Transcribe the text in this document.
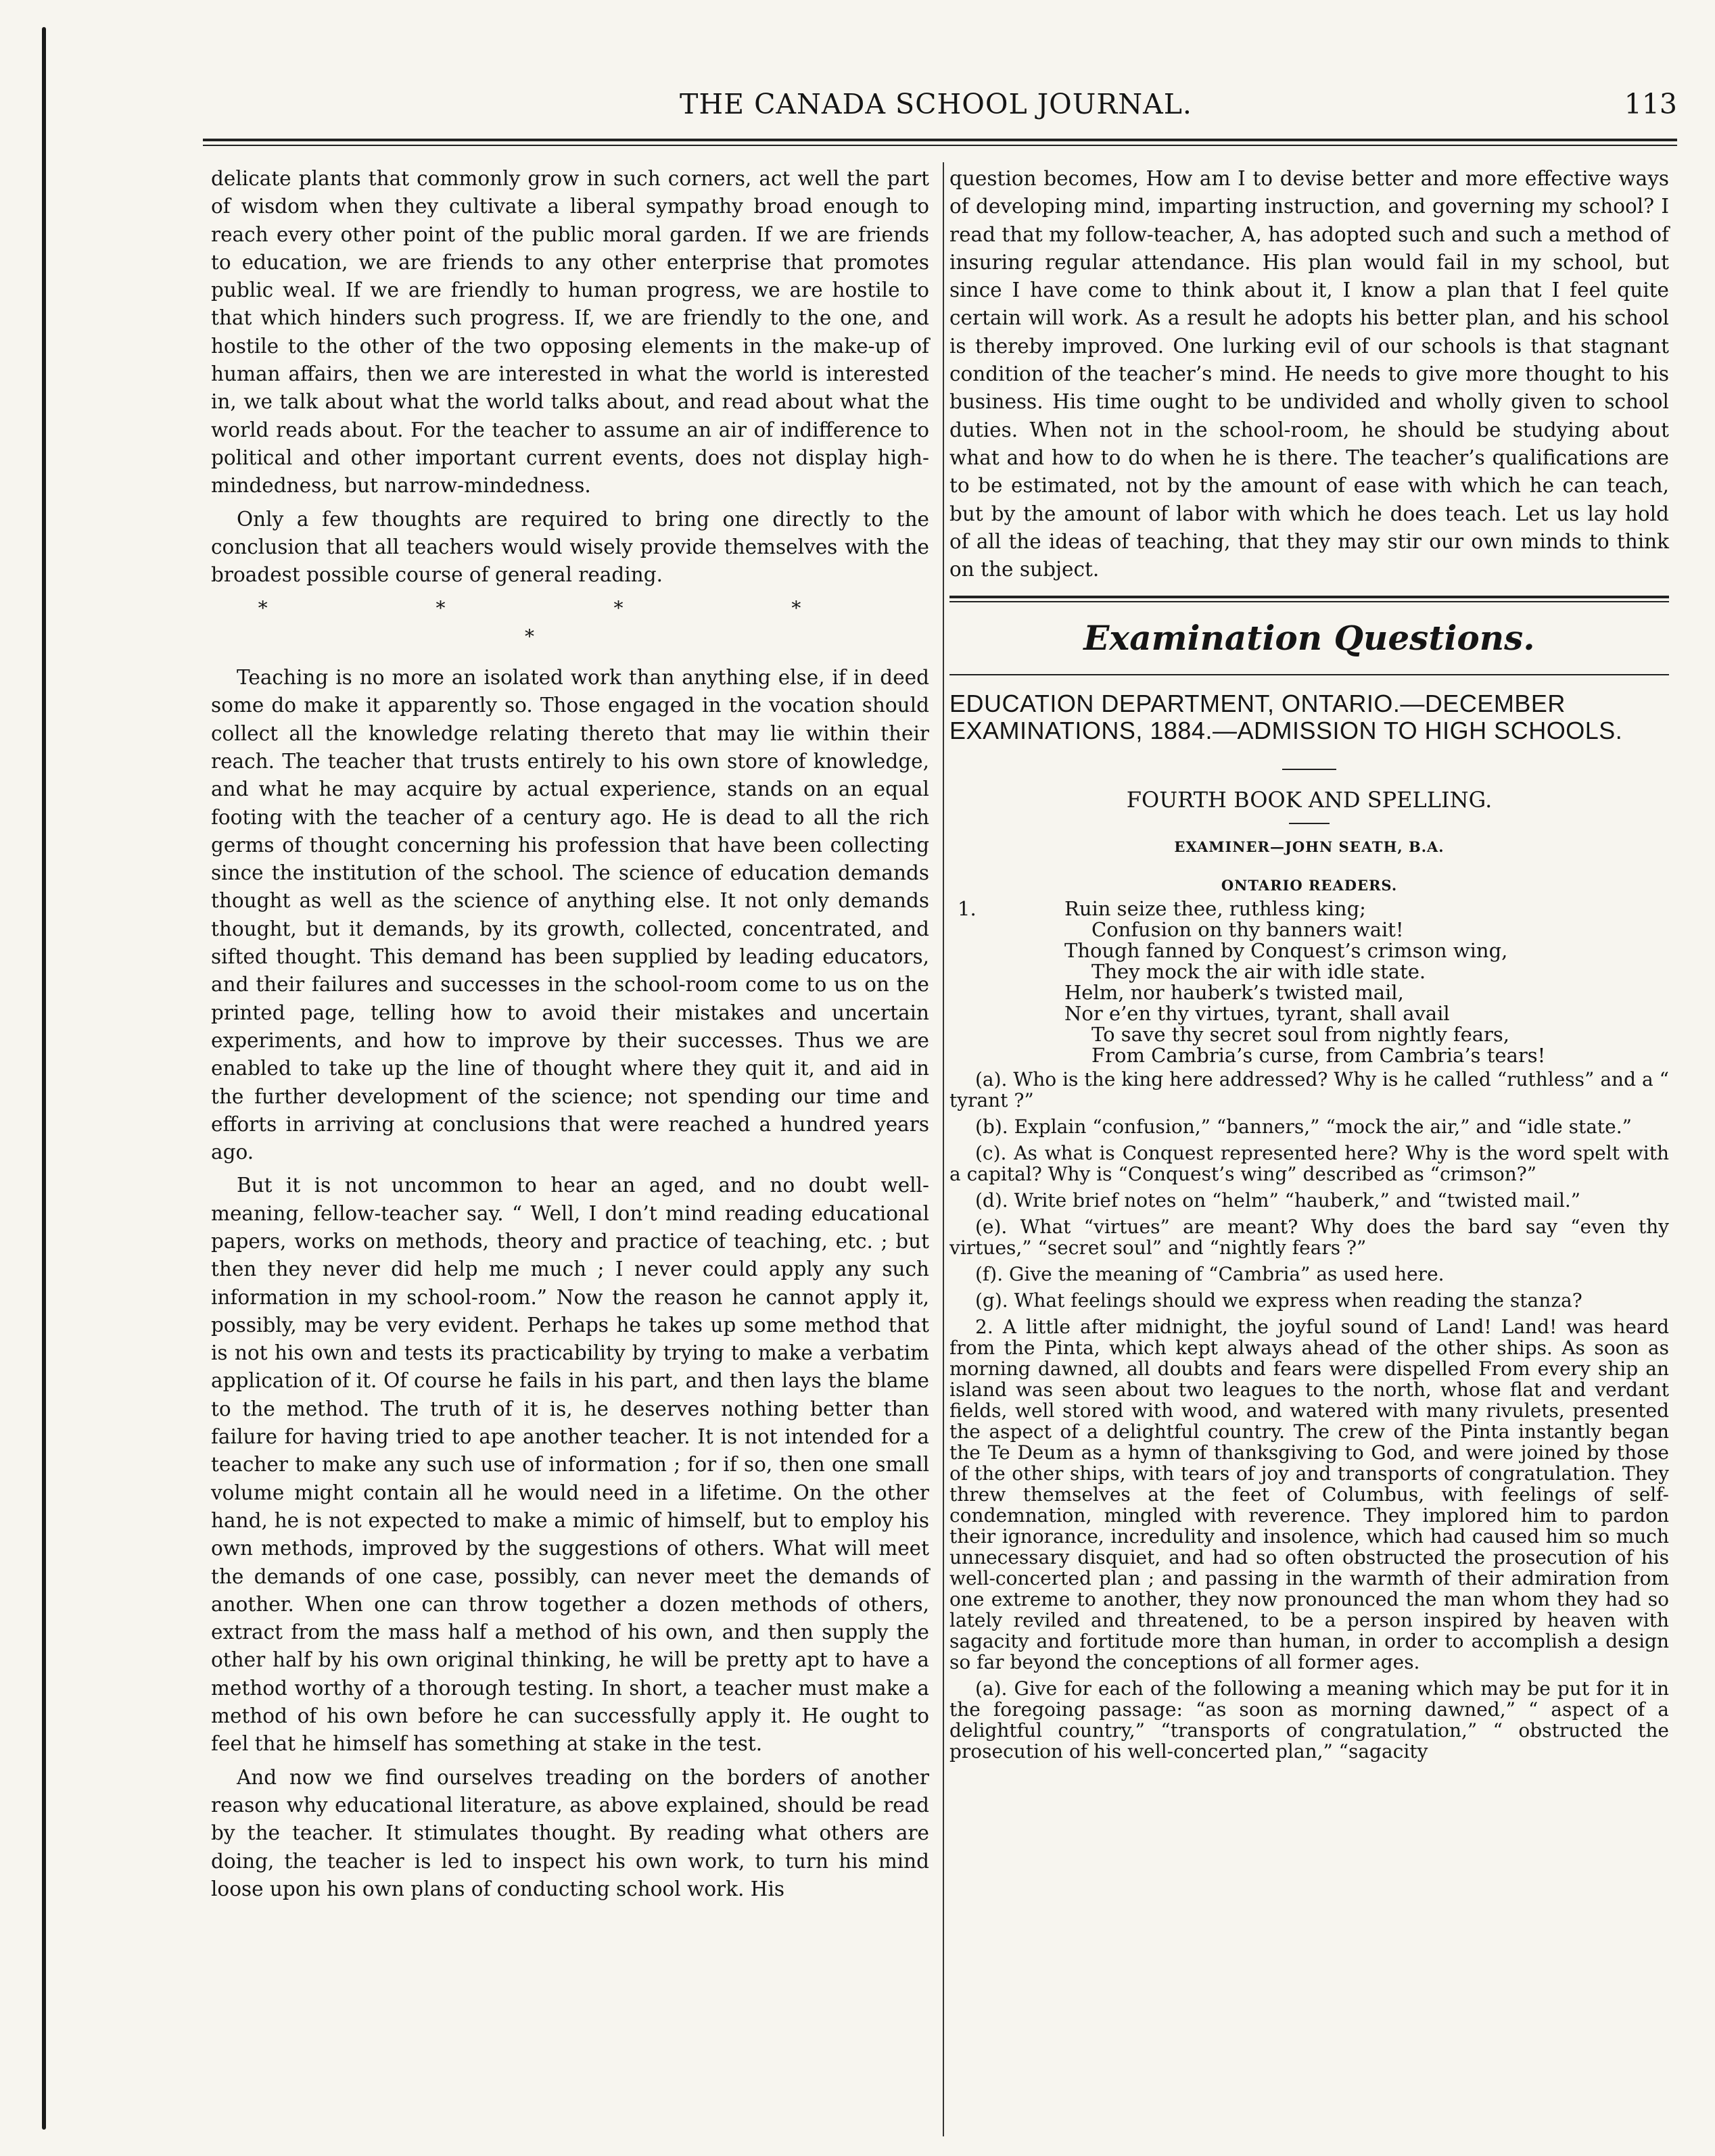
THE CANADA SCHOOL JOURNAL.	113

delicate plants that commonly grow in such corners, act well the part of wisdom when they cultivate a liberal sympathy broad enough to reach every other point of the public moral garden. If we are friends to education, we are friends to any other enterprise that promotes public weal. If we are friendly to human progress, we are hostile to that which hinders such progress. If, we are friendly to the one, and hostile to the other of the two opposing elements in the make-up of human affairs, then we are interested in what the world is interested in, we talk about what the world talks about, and read about what the world reads about. For the teacher to assume an air of indifference to political and other important current events, does not display high-mindedness, but narrow-mindedness.

Only a few thoughts are required to bring one directly to the conclusion that all teachers would wisely provide themselves with the broadest possible course of general reading.

* * * * *

Teaching is no more an isolated work than anything else, if in deed some do make it apparently so. Those engaged in the vocation should collect all the knowledge relating thereto that may lie within their reach. The teacher that trusts entirely to his own store of knowledge, and what he may acquire by actual experience, stands on an equal footing with the teacher of a century ago. He is dead to all the rich germs of thought concerning his profession that have been collecting since the institution of the school. The science of education demands thought as well as the science of anything else. It not only demands thought, but it demands, by its growth, collected, concentrated, and sifted thought. This demand has been supplied by leading educators, and their failures and successes in the school-room come to us on the printed page, telling how to avoid their mistakes and uncertain experiments, and how to improve by their successes. Thus we are enabled to take up the line of thought where they quit it, and aid in the further development of the science; not spending our time and efforts in arriving at conclusions that were reached a hundred years ago.

But it is not uncommon to hear an aged, and no doubt well-meaning, fellow-teacher say. “ Well, I don’t mind reading educational papers, works on methods, theory and practice of teaching, etc. ; but then they never did help me much ; I never could apply any such information in my school-room.” Now the reason he cannot apply it, possibly, may be very evident. Perhaps he takes up some method that is not his own and tests its practicability by trying to make a verbatim application of it. Of course he fails in his part, and then lays the blame to the method. The truth of it is, he deserves nothing better than failure for having tried to ape another teacher. It is not intended for a teacher to make any such use of information ; for if so, then one small volume might contain all he would need in a lifetime. On the other hand, he is not expected to make a mimic of himself, but to employ his own methods, improved by the suggestions of others. What will meet the demands of one case, possibly, can never meet the demands of another. When one can throw together a dozen methods of others, extract from the mass half a method of his own, and then supply the other half by his own original thinking, he will be pretty apt to have a method worthy of a thorough testing. In short, a teacher must make a method of his own before he can successfully apply it. He ought to feel that he himself has something at stake in the test.

And now we find ourselves treading on the borders of another reason why educational literature, as above explained, should be read by the teacher. It stimulates thought. By reading what others are doing, the teacher is led to inspect his own work, to turn his mind loose upon his own plans of conducting school work. His

question becomes, How am I to devise better and more effective ways of developing mind, imparting instruction, and governing my school? I read that my follow-teacher, A, has adopted such and such a method of insuring regular attendance. His plan would fail in my school, but since I have come to think about it, I know a plan that I feel quite certain will work. As a result he adopts his better plan, and his school is thereby improved. One lurking evil of our schools is that stagnant condition of the teacher’s mind. He needs to give more thought to his business. His time ought to be undivided and wholly given to school duties. When not in the school-room, he should be studying about what and how to do when he is there. The teacher’s qualifications are to be estimated, not by the amount of ease with which he can teach, but by the amount of labor with which he does teach. Let us lay hold of all the ideas of teaching, that they may stir our own minds to think on the subject.

Examination Questions.
EDUCATION DEPARTMENT, ONTARIO.—DECEMBER EXAMINATIONS, 1884.—ADMISSION TO HIGH SCHOOLS.
FOURTH BOOK AND SPELLING.
EXAMINER—JOHN SEATH, B.A.
ONTARIO READERS.
1.	Ruin seize thee, ruthless king;
Confusion on thy banners wait!
Though fanned by Conquest’s crimson wing,
They mock the air with idle state.
Helm, nor hauberk’s twisted mail,
Nor e’en thy virtues, tyrant, shall avail
To save thy secret soul from nightly fears,
From Cambria’s curse, from Cambria’s tears!

(a). Who is the king here addressed? Why is he called “ruthless” and a “ tyrant ?”

(b). Explain “confusion,” “banners,” “mock the air,” and “idle state.”

(c). As what is Conquest represented here? Why is the word spelt with a capital? Why is “Conquest’s wing” described as “crimson?”

(d). Write brief notes on “helm” “hauberk,” and “twisted mail.”

(e). What “virtues” are meant? Why does the bard say “even thy virtues,” “secret soul” and “nightly fears ?”

(f). Give the meaning of “Cambria” as used here.

(g). What feelings should we express when reading the stanza?

2. A little after midnight, the joyful sound of Land! Land! was heard from the Pinta, which kept always ahead of the other ships. As soon as morning dawned, all doubts and fears were dispelled From every ship an island was seen about two leagues to the north, whose flat and verdant fields, well stored with wood, and watered with many rivulets, presented the aspect of a delightful country. The crew of the Pinta instantly began the Te Deum as a hymn of thanksgiving to God, and were joined by those of the other ships, with tears of joy and transports of congratulation. They threw themselves at the feet of Columbus, with feelings of self-condemnation, mingled with reverence. They implored him to pardon their ignorance, incredulity and insolence, which had caused him so much unnecessary disquiet, and had so often obstructed the prosecution of his well-concerted plan ; and passing in the warmth of their admiration from one extreme to another, they now pronounced the man whom they had so lately reviled and threatened, to be a person inspired by heaven with sagacity and fortitude more than human, in order to accomplish a design so far beyond the conceptions of all former ages.

(a). Give for each of the following a meaning which may be put for it in the foregoing passage: “as soon as morning dawned,” “ aspect of a delightful country,” “transports of congratulation,” “ obstructed the prosecution of his well-concerted plan,” “sagacity
